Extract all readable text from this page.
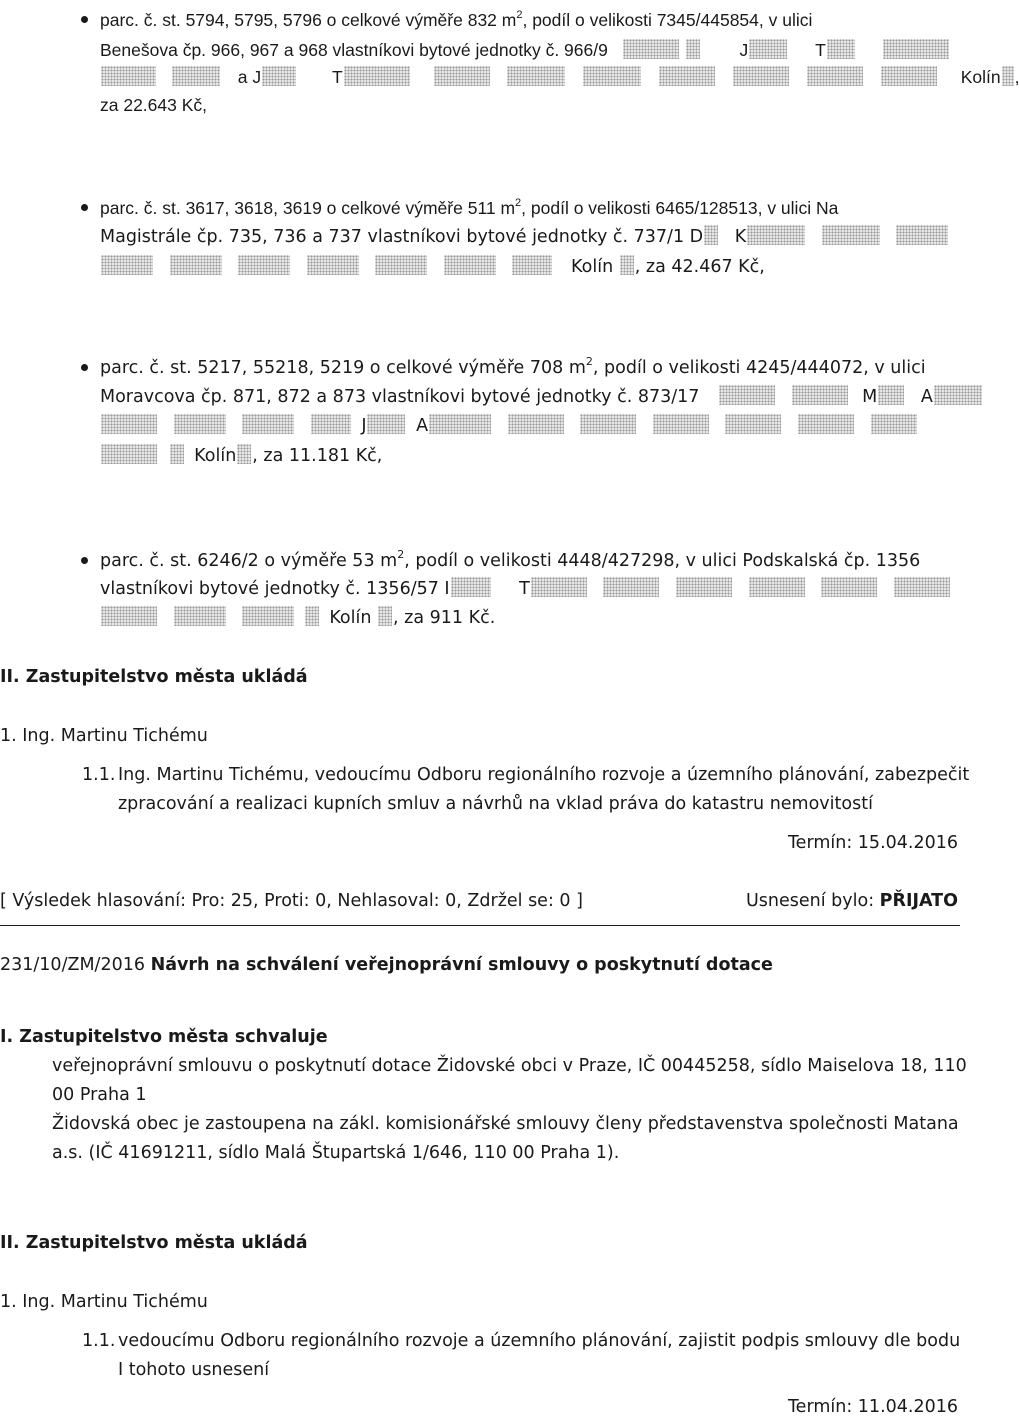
parc. č. st. 5794, 5795, 5796 o celkové výměře 832 $m^2$, podíl o velikosti 7345/445854, v ulici
Benešova čp. 966, 967 a 968 vlastníkovi bytové jednotky č. 966/9	J	T
a J	T	Kolín ,
za 22.643 Kč,
parc. č. st. 3617, 3618, 3619 o celkové výměře 511 $m^2$, podíl o velikosti 6465/128513, v ulici Na
Magistrále čp. 735, 736 a 737 vlastníkovi bytové jednotky č. 737/1 D K
Kolín , za 42.467 Kč,
parc. č. st. 5217, 55218, 5219 o celkové výměře 708 $m^2$, podíl o velikosti 4245/444072, v ulici
Moravcova čp. 871, 872 a 873 vlastníkovi bytové jednotky č. 873/17	M A
J	A
Kolín , za 11.181 Kč,
parc. č. st. 6246/2 o výměře 53 $m^2$, podíl o velikosti 4448/427298, v ulici Podskalská čp. 1356
vlastníkovi bytové jednotky č. 1356/57 I	T
Kolín , za 911 Kč.
II. Zastupitelstvo města ukládá
1. Ing. Martinu Tichému
1.1. Ing. Martinu Tichému, vedoucímu Odboru regionálního rozvoje a územního plánování, zabezpečit
zpracování a realizaci kupních smluv a návrhů na vklad práva do katastru nemovitostí
Termín: 15.04.2016
[ Výsledek hlasování: Pro: 25, Proti: 0, Nehlasoval: 0, Zdržel se: 0 ]	Usnesení bylo: PŘIJATO
231/10/ZM/2016 Návrh na schválení veřejnoprávní smlouvy o poskytnutí dotace
I. Zastupitelstvo města schvaluje
veřejnoprávní smlouvu o poskytnutí dotace Židovské obci v Praze, IČ 00445258, sídlo Maiselova 18, 110
00 Praha 1
Židovská obec je zastoupena na zákl. komisionářské smlouvy členy představenstva společnosti Matana
a.s. (IČ 41691211, sídlo Malá Štupartská 1/646, 110 00 Praha 1).
II. Zastupitelstvo města ukládá
1. Ing. Martinu Tichému
1.1. vedoucímu Odboru regionálního rozvoje a územního plánování, zajistit podpis smlouvy dle bodu
I tohoto usnesení
Termín: 11.04.2016
